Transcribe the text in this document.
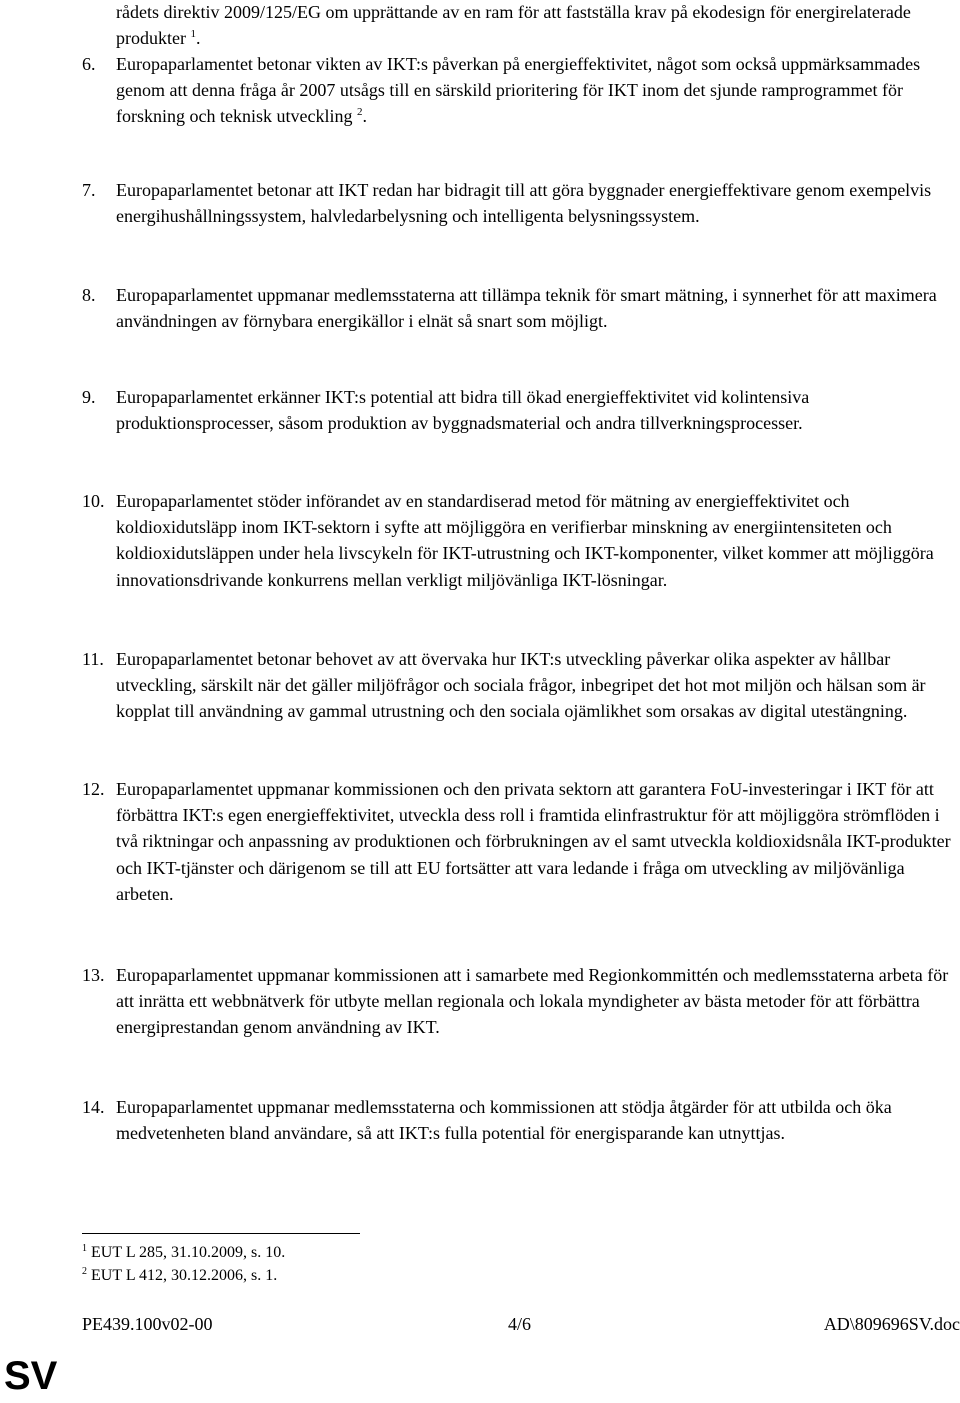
rådets direktiv 2009/125/EG om upprättande av en ram för att fastställa krav på ekodesign för energirelaterade produkter $^1$.
6.	Europaparlamentet betonar vikten av IKT:s påverkan på energieffektivitet, något som också uppmärksammades genom att denna fråga år 2007 utsågs till en särskild prioritering för IKT inom det sjunde ramprogrammet för forskning och teknisk utveckling $^2$.
7.	Europaparlamentet betonar att IKT redan har bidragit till att göra byggnader energieffektivare genom exempelvis energihushållningssystem, halvledarbelysning och intelligenta belysningssystem.
8.	Europaparlamentet uppmanar medlemsstaterna att tillämpa teknik för smart mätning, i synnerhet för att maximera användningen av förnybara energikällor i elnät så snart som möjligt.
9.	Europaparlamentet erkänner IKT:s potential att bidra till ökad energieffektivitet vid kolintensiva produktionsprocesser, såsom produktion av byggnadsmaterial och andra tillverkningsprocesser.
10. Europaparlamentet stöder införandet av en standardiserad metod för mätning av energieffektivitet och koldioxidutsläpp inom IKT-sektorn i syfte att möjliggöra en verifierbar minskning av energiintensiteten och koldioxidutsläppen under hela livscykeln för IKT-utrustning och IKT-komponenter, vilket kommer att möjliggöra innovationsdrivande konkurrens mellan verkligt miljövänliga IKT-lösningar.
11. Europaparlamentet betonar behovet av att övervaka hur IKT:s utveckling påverkar olika aspekter av hållbar utveckling, särskilt när det gäller miljöfrågor och sociala frågor, inbegripet det hot mot miljön och hälsan som är kopplat till användning av gammal utrustning och den sociala ojämlikhet som orsakas av digital utestängning.
12. Europaparlamentet uppmanar kommissionen och den privata sektorn att garantera FoU-investeringar i IKT för att förbättra IKT:s egen energieffektivitet, utveckla dess roll i framtida elinfrastruktur för att möjliggöra strömflöden i två riktningar och anpassning av produktionen och förbrukningen av el samt utveckla koldioxidsnåla IKT-produkter och IKT-tjänster och därigenom se till att EU fortsätter att vara ledande i fråga om utveckling av miljövänliga arbeten.
13. Europaparlamentet uppmanar kommissionen att i samarbete med Regionkommittén och medlemsstaterna arbeta för att inrätta ett webbnätverk för utbyte mellan regionala och lokala myndigheter av bästa metoder för att förbättra energiprestandan genom användning av IKT.
14. Europaparlamentet uppmanar medlemsstaterna och kommissionen att stödja åtgärder för att utbilda och öka medvetenheten bland användare, så att IKT:s fulla potential för energisparande kan utnyttjas.
$^1$ EUT L 285, 31.10.2009, s. 10.
$^2$ EUT L 412, 30.12.2006, s. 1.
PE439.100v02-00	4/6	AD\809696SV.doc
SV
